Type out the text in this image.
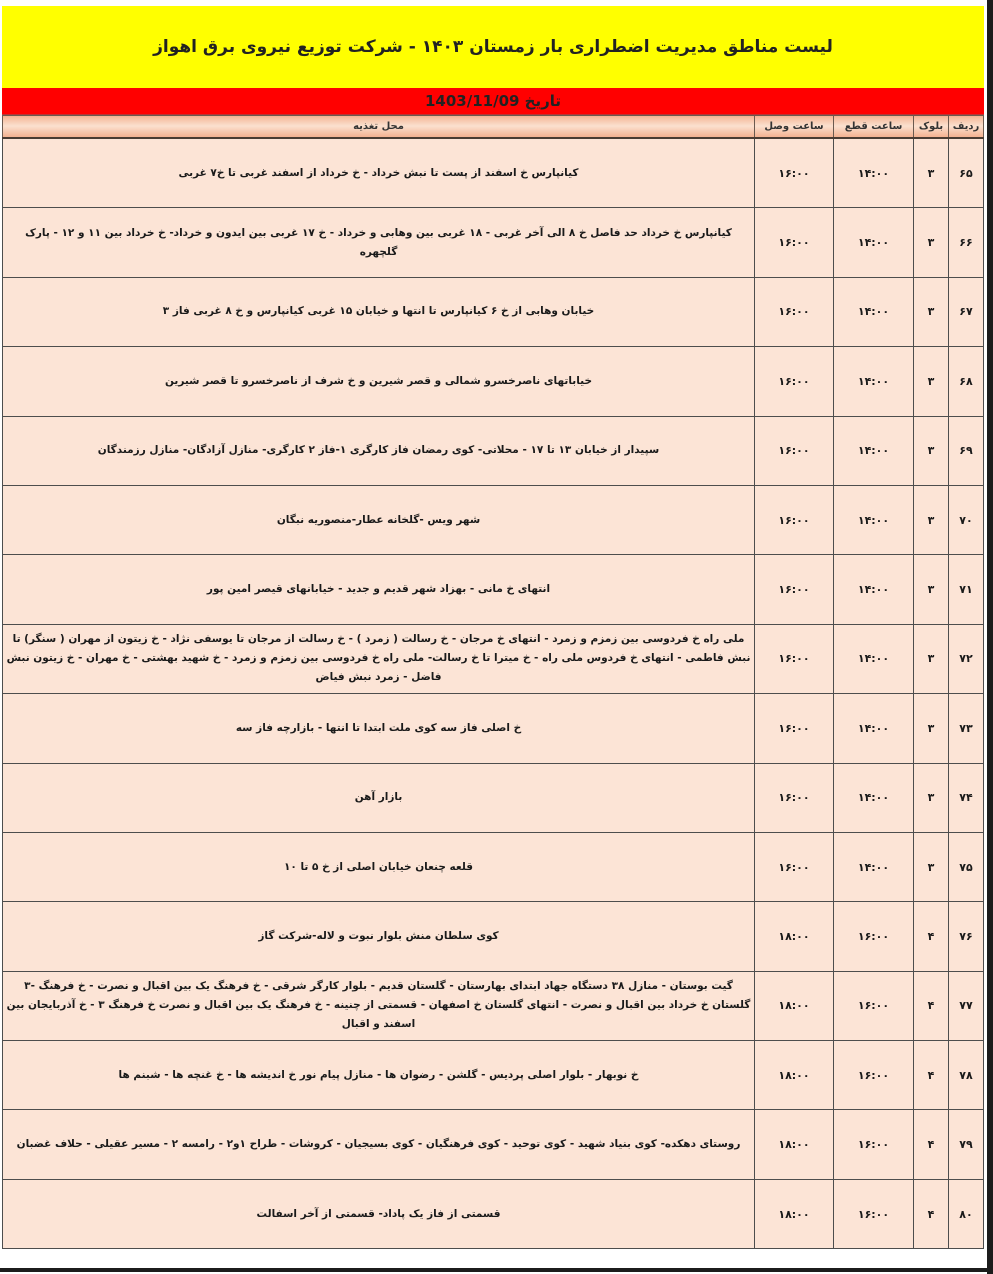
لیست مناطق مدیریت اضطراری بار زمستان ۱۴۰۳ - شرکت توزیع نیروی برق اهواز
تاریخ 1403/11/09
ردیف	بلوک	ساعت قطع	ساعت وصل	محل تغذیه
۶۵	۳	۱۴:۰۰	۱۶:۰۰	کیانپارس خ اسفند از پست تا نبش خرداد - خ خرداد از اسفند غربی تا خ۷ غربی
۶۶	۳	۱۴:۰۰	۱۶:۰۰	کیانپارس خ خرداد حد فاصل خ ۸ الی آخر غربی - ۱۸ غربی بین وهابی و خرداد - خ ۱۷ غربی بین ایدون و خرداد- خ خرداد بین ۱۱ و ۱۲ - پارک گلچهره
۶۷	۳	۱۴:۰۰	۱۶:۰۰	خیابان وهابی از خ ۶ کیانپارس تا انتها و خیابان ۱۵ غربی کیانپارس و خ ۸ غربی فاز ۳
۶۸	۳	۱۴:۰۰	۱۶:۰۰	خیاباتهای ناصرخسرو شمالی و قصر شیرین و خ شرف از ناصرخسرو تا قصر شیرین
۶۹	۳	۱۴:۰۰	۱۶:۰۰	سپیدار از خیابان ۱۳ تا ۱۷ - محلاتی- کوی رمضان فاز کارگری ۱-فاز ۲ کارگری- منازل آزادگان- منازل رزمندگان
۷۰	۳	۱۴:۰۰	۱۶:۰۰	شهر ویس -گلخانه عطار-منصوریه نبگان
۷۱	۳	۱۴:۰۰	۱۶:۰۰	انتهای خ مانی - بهزاد شهر قدیم و جدید - خیابانهای قیصر امین پور
۷۲	۳	۱۴:۰۰	۱۶:۰۰	ملی راه خ فردوسی بین زمزم و زمرد - انتهای خ مرجان - خ رسالت ( زمرد ) - خ رسالت از مرجان تا یوسفی نژاد - خ زیتون از مهران ( سنگر) تا نبش فاطمی - انتهای خ فردوس ملی راه - خ میترا تا خ رسالت- ملی راه خ فردوسی بین زمزم و زمرد - خ شهید بهشتی - خ مهران - خ زیتون نبش فاضل - زمرد نبش فیاض
۷۳	۳	۱۴:۰۰	۱۶:۰۰	خ اصلی فاز سه کوی ملت ابتدا تا انتها - بازارچه فاز سه
۷۴	۳	۱۴:۰۰	۱۶:۰۰	بازار آهن
۷۵	۳	۱۴:۰۰	۱۶:۰۰	قلعه چنعان خیابان اصلی از خ ۵ تا ۱۰
۷۶	۴	۱۶:۰۰	۱۸:۰۰	کوی سلطان منش بلوار نبوت و لاله-شرکت گاز
۷۷	۴	۱۶:۰۰	۱۸:۰۰	گیت بوستان - منازل ۳۸ دستگاه جهاد ابتدای بهارستان - گلستان قدیم - بلوار کارگر شرقی - خ فرهنگ یک بین اقبال و نصرت - خ فرهنگ -۳ گلستان خ خرداد بین اقبال و نصرت - انتهای گلستان خ اصفهان - قسمتی از چنینه - خ فرهنگ یک بین اقبال و نصرت خ فرهنگ ۳ - خ آذربایجان بین اسفند و اقبال
۷۸	۴	۱۶:۰۰	۱۸:۰۰	خ نوبهار - بلوار اصلی پردیس - گلشن - رضوان ها - منازل پیام نور خ اندیشه ها - خ غنچه ها - شبنم ها
۷۹	۴	۱۶:۰۰	۱۸:۰۰	روستای دهکده- کوی بنیاد شهید - کوی توحید - کوی فرهنگیان - کوی بسیجیان - کروشات - طراح ۱و۲ - رامسه ۲ - مسیر عقیلی - حلاف غضبان
۸۰	۴	۱۶:۰۰	۱۸:۰۰	قسمتی از فاز یک پاداد- قسمتی از آخر اسفالت
